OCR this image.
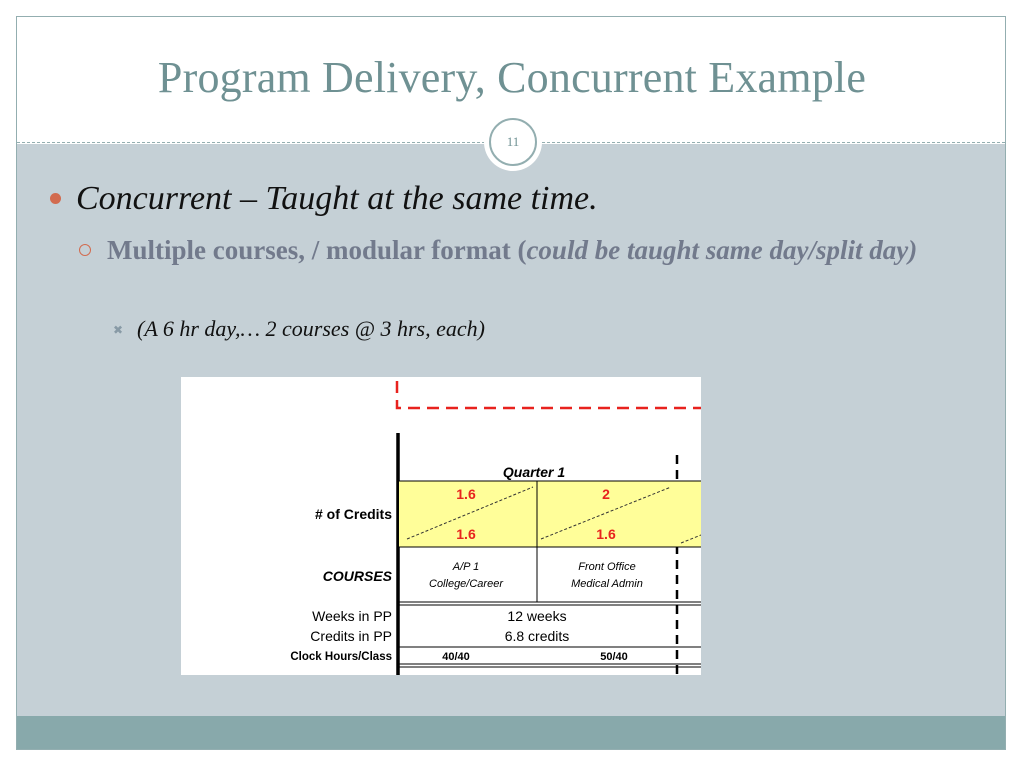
Program Delivery, Concurrent Example
11
Concurrent – Taught at the same time.
Multiple courses, / modular format (could be taught same day/split day)
✖ (A 6 hr day,… 2 courses @ 3 hrs, each)
Quarter 1
1.6
1.6
2
1.6
# of Credits
COURSES
A/P 1
College/Career
Front Office
Medical Admin
Weeks in PP
Credits in PP
12 weeks
6.8 credits
Clock Hours/Class	40/40	50/40
